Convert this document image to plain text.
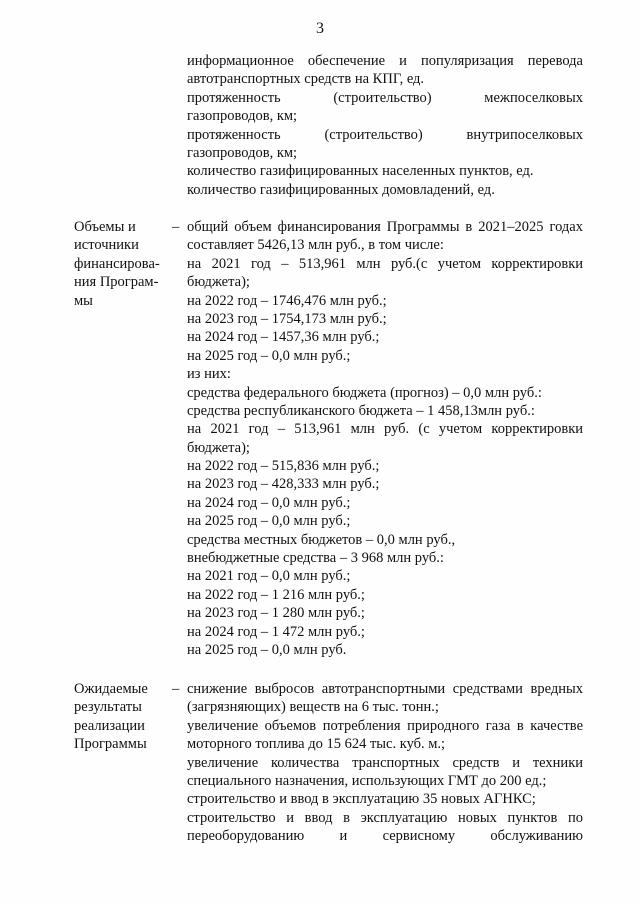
3
информационное обеспечение и популяризация перевода
автотранспортных средств на КПГ, ед.
протяженность (строительство) межпоселковых
газопроводов, км;
протяженность (строительство) внутрипоселковых
газопроводов, км;
количество газифицированных населенных пунктов, ед.
количество газифицированных домовладений, ед.
Объемы и
источники
финансирова-
ния Програм-
мы
– общий объем финансирования Программы в 2021–2025 годах
составляет 5426,13 млн руб., в том числе:
на 2021 год – 513,961 млн руб.(с учетом корректировки
бюджета);
на 2022 год – 1746,476 млн руб.;
на 2023 год – 1754,173 млн руб.;
на 2024 год – 1457,36 млн руб.;
на 2025 год – 0,0 млн руб.;
из них:
средства федерального бюджета (прогноз) – 0,0 млн руб.:
средства республиканского бюджета – 1 458,13млн руб.:
на 2021 год – 513,961 млн руб. (с учетом корректировки
бюджета);
на 2022 год – 515,836 млн руб.;
на 2023 год – 428,333 млн руб.;
на 2024 год – 0,0 млн руб.;
на 2025 год – 0,0 млн руб.;
средства местных бюджетов – 0,0 млн руб.,
внебюджетные средства – 3 968 млн руб.:
на 2021 год – 0,0 млн руб.;
на 2022 год – 1 216 млн руб.;
на 2023 год – 1 280 млн руб.;
на 2024 год – 1 472 млн руб.;
на 2025 год – 0,0 млн руб.
Ожидаемые
результаты
реализации
Программы
– снижение выбросов автотранспортными средствами вредных
(загрязняющих) веществ на 6 тыс. тонн.;
увеличение объемов потребления природного газа в качестве
моторного топлива до 15 624 тыс. куб. м.;
увеличение количества транспортных средств и техники
специального назначения, использующих ГМТ до 200 ед.;
строительство и ввод в эксплуатацию 35 новых АГНКС;
строительство и ввод в эксплуатацию новых пунктов по
переоборудованию и сервисному обслуживанию
